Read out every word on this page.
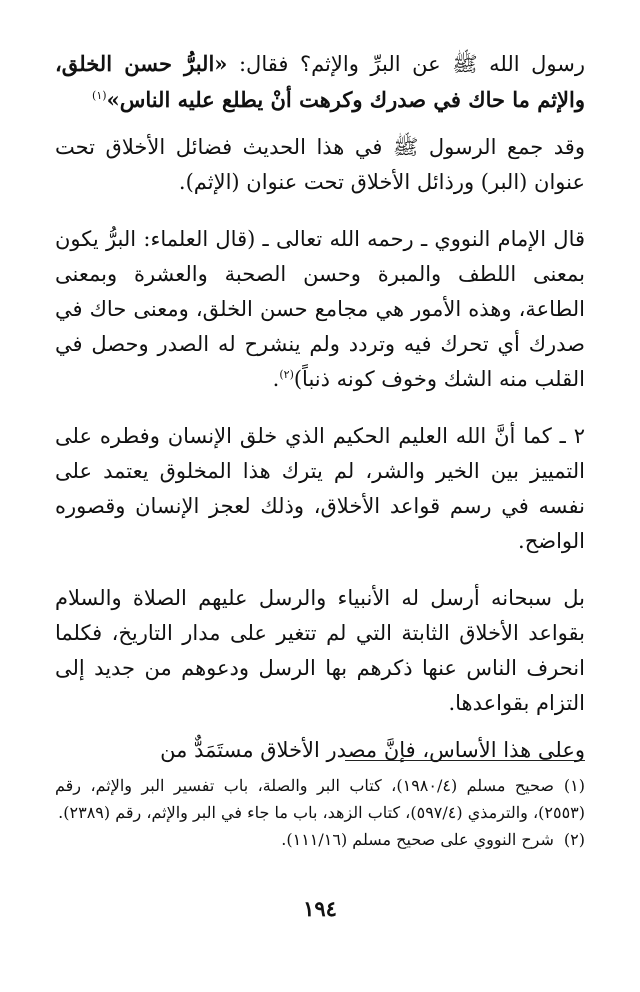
رسول الله ﷺ عن البرِّ والإثم؟ فقال: «البرُّ حسن الخلق، والإثم ما حاك في صدرك وكرهت أنْ يطلع عليه الناس»$^{(١)}$

وقد جمع الرسول ﷺ في هذا الحديث فضائل الأخلاق تحت عنوان (البر) ورذائل الأخلاق تحت عنوان (الإثم).

قال الإمام النووي ـ رحمه الله تعالى ـ (قال العلماء: البرُّ يكون بمعنى اللطف والمبرة وحسن الصحبة والعشرة وبمعنى الطاعة، وهذه الأمور هي مجامع حسن الخلق، ومعنى حاك في صدرك أي تحرك فيه وتردد ولم ينشرح له الصدر وحصل في القلب منه الشك وخوف كونه ذنباً)$^{(٢)}$.

٢ ـ كما أنَّ الله العليم الحكيم الذي خلق الإنسان وفطره على التمييز بين الخير والشر، لم يترك هذا المخلوق يعتمد على نفسه في رسم قواعد الأخلاق، وذلك لعجز الإنسان وقصوره الواضح.

بل سبحانه أرسل له الأنبياء والرسل عليهم الصلاة والسلام بقواعد الأخلاق الثابتة التي لم تتغير على مدار التاريخ، فكلما انحرف الناس عنها ذكرهم بها الرسل ودعوهم من جديد إلى التزام بقواعدها.

وعلى هذا الأساس، فإنَّ مصدر الأخلاق مستَمَدٌّ من

(١)صحيح مسلم (١٩٨٠/٤)، كتاب البر والصلة، باب تفسير البر والإثم، رقم (٢٥٥٣)، والترمذي (٥٩٧/٤)، كتاب الزهد، باب ما جاء في البر والإثم، رقم (٢٣٨٩).

(٢)شرح النووي على صحيح مسلم (١١١/١٦).

١٩٤
